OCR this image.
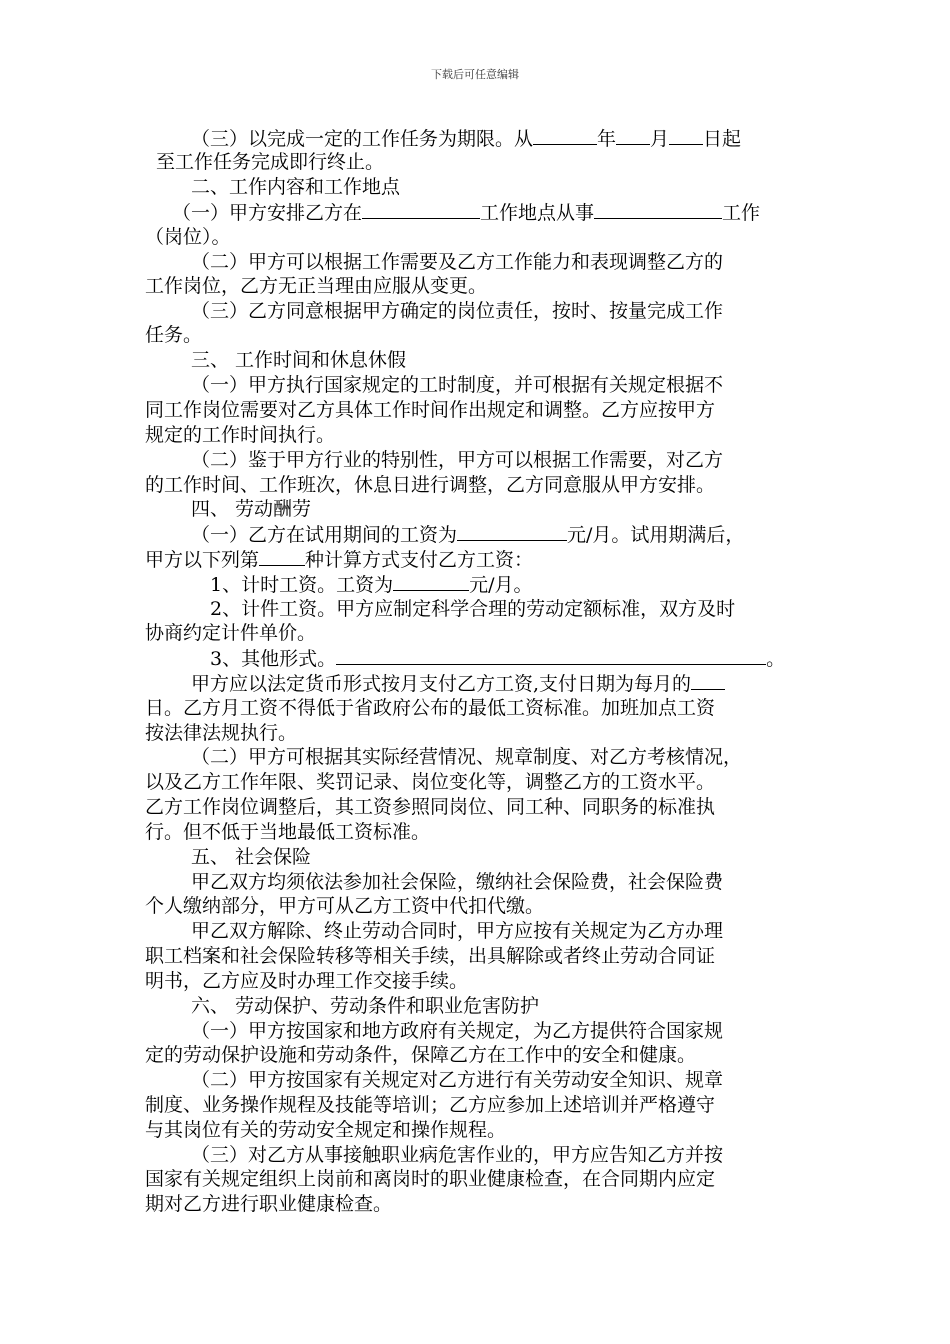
下载后可任意编辑
（三）以完成一定的工作任务为期限。从	年 月 日起
至工作任务完成即行终止。
二、工作内容和工作地点
（一）甲方安排乙方在	工作地点从事	工作
（岗位）。
（二）甲方可以根据工作需要及乙方工作能力和表现调整乙方的
工作岗位，乙方无正当理由应服从变更。
（三）乙方同意根据甲方确定的岗位责任，按时、按量完成工作
任务。
三、 工作时间和休息休假
（一）甲方执行国家规定的工时制度，并可根据有关规定根据不
同工作岗位需要对乙方具体工作时间作出规定和调整。乙方应按甲方
规定的工作时间执行。
（二）鉴于甲方行业的特别性，甲方可以根据工作需要，对乙方
的工作时间、工作班次，休息日进行调整，乙方同意服从甲方安排。
四、 劳动酬劳
（一）乙方在试用期间的工资为	元/月。试用期满后，
甲方以下列第 种计算方式支付乙方工资：
1、计时工资。工资为	元/月。
2、计件工资。甲方应制定科学合理的劳动定额标准，双方及时
协商约定计件单价。
3、其他形式。	。
甲方应以法定货币形式按月支付乙方工资,支付日期为每月的
日。乙方月工资不得低于省政府公布的最低工资标准。加班加点工资
按法律法规执行。
（二）甲方可根据其实际经营情况、规章制度、对乙方考核情况，
以及乙方工作年限、奖罚记录、岗位变化等，调整乙方的工资水平。
乙方工作岗位调整后，其工资参照同岗位、同工种、同职务的标准执
行。但不低于当地最低工资标准。
五、 社会保险
甲乙双方均须依法参加社会保险，缴纳社会保险费，社会保险费
个人缴纳部分，甲方可从乙方工资中代扣代缴。
甲乙双方解除、终止劳动合同时，甲方应按有关规定为乙方办理
职工档案和社会保险转移等相关手续，出具解除或者终止劳动合同证
明书，乙方应及时办理工作交接手续。
六、 劳动保护、劳动条件和职业危害防护
（一）甲方按国家和地方政府有关规定，为乙方提供符合国家规
定的劳动保护设施和劳动条件，保障乙方在工作中的安全和健康。
（二）甲方按国家有关规定对乙方进行有关劳动安全知识、规章
制度、业务操作规程及技能等培训；乙方应参加上述培训并严格遵守
与其岗位有关的劳动安全规定和操作规程。
（三）对乙方从事接触职业病危害作业的，甲方应告知乙方并按
国家有关规定组织上岗前和离岗时的职业健康检查，在合同期内应定
期对乙方进行职业健康检查。
